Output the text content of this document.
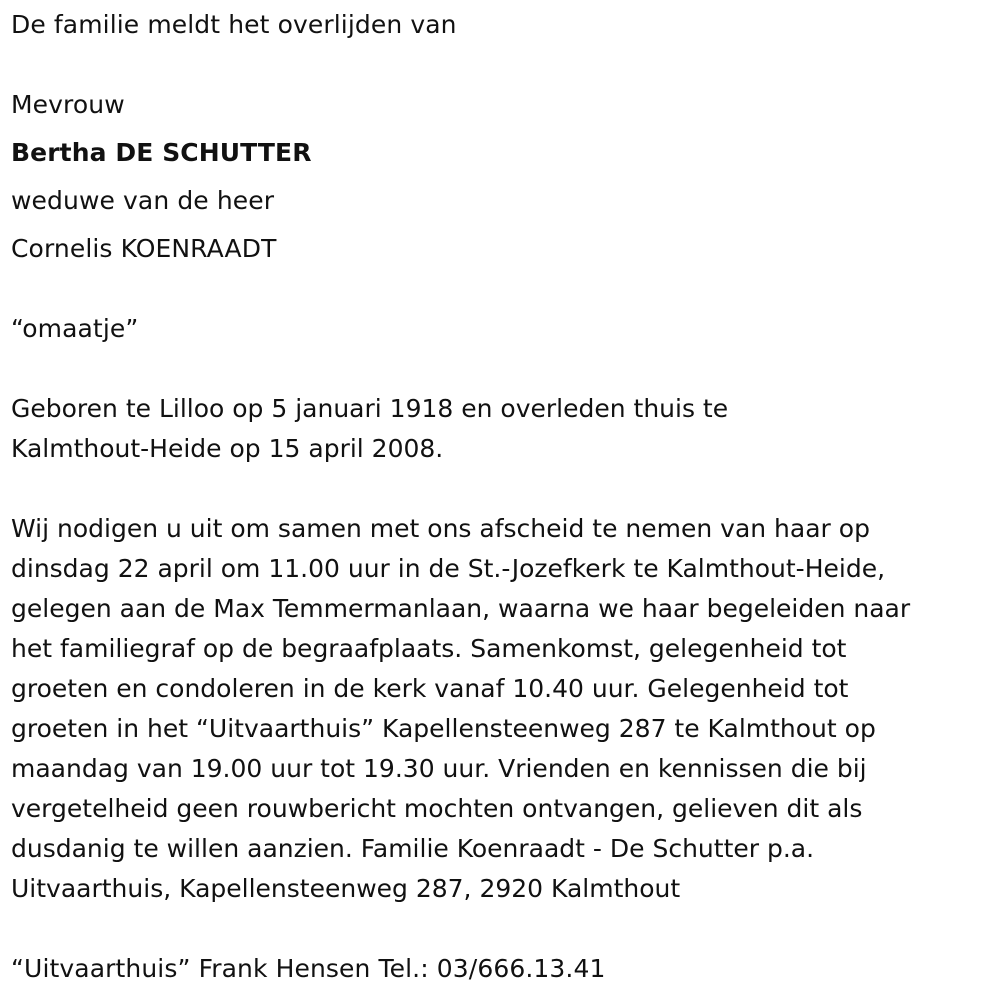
De familie meldt het overlijden van
Mevrouw
Bertha DE SCHUTTER
weduwe van de heer
Cornelis KOENRAADT
“omaatje”
Geboren te Lilloo op 5 januari 1918 en overleden thuis te
Kalmthout-Heide op 15 april 2008.
Wij nodigen u uit om samen met ons afscheid te nemen van haar op
dinsdag 22 april om 11.00 uur in de St.-Jozefkerk te Kalmthout-Heide,
gelegen aan de Max Temmermanlaan, waarna we haar begeleiden naar
het familiegraf op de begraafplaats. Samenkomst, gelegenheid tot
groeten en condoleren in de kerk vanaf 10.40 uur. Gelegenheid tot
groeten in het “Uitvaarthuis” Kapellensteenweg 287 te Kalmthout op
maandag van 19.00 uur tot 19.30 uur. Vrienden en kennissen die bij
vergetelheid geen rouwbericht mochten ontvangen, gelieven dit als
dusdanig te willen aanzien. Familie Koenraadt - De Schutter p.a.
Uitvaarthuis, Kapellensteenweg 287, 2920 Kalmthout
“Uitvaarthuis” Frank Hensen Tel.: 03/666.13.41
